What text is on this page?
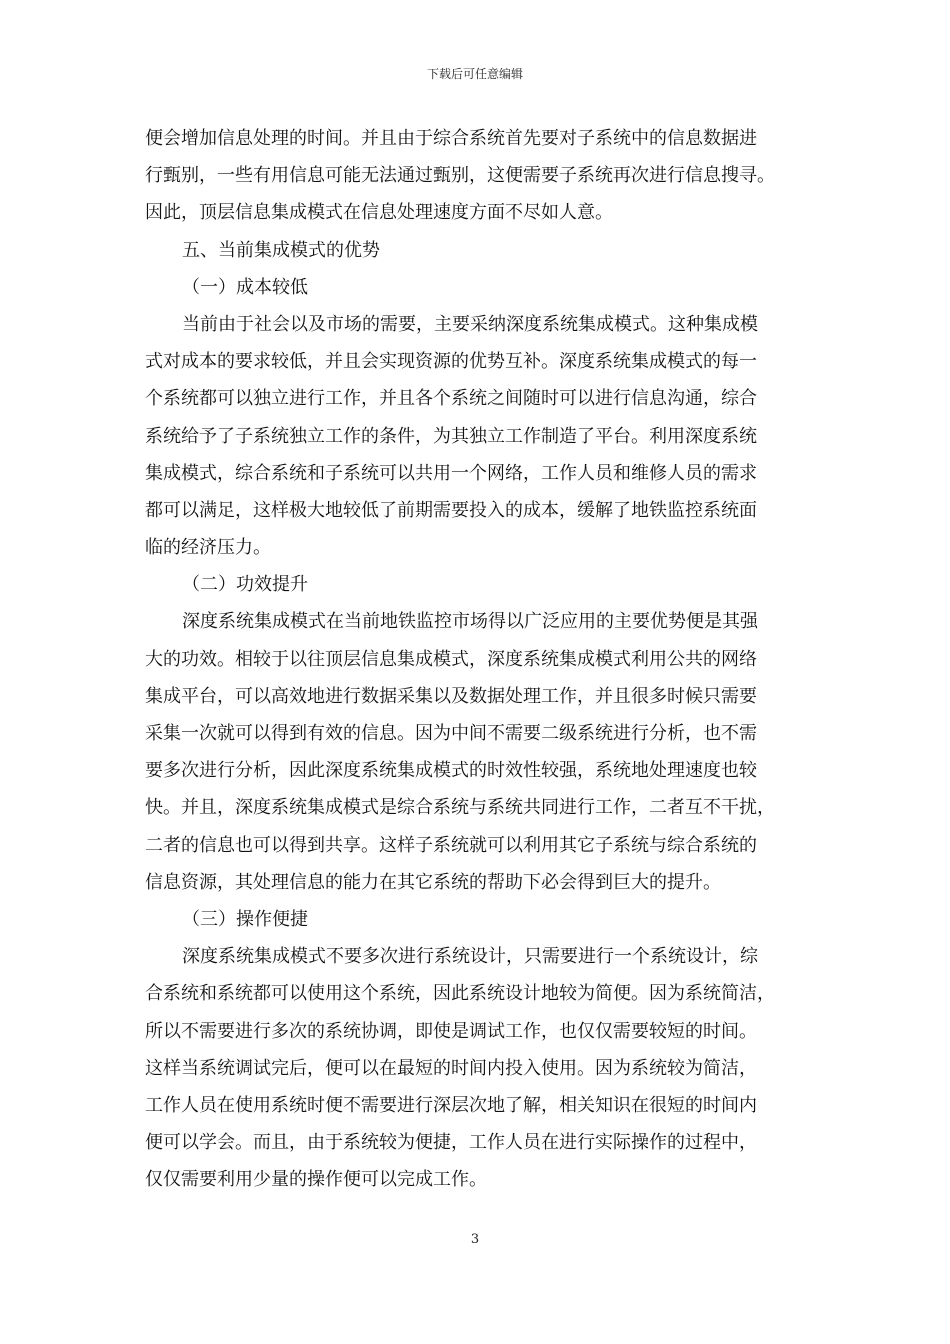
下载后可任意编辑
便会增加信息处理的时间。并且由于综合系统首先要对子系统中的信息数据进
行甄别，一些有用信息可能无法通过甄别，这便需要子系统再次进行信息搜寻。
因此，顶层信息集成模式在信息处理速度方面不尽如人意。
五、当前集成模式的优势
（一）成本较低
当前由于社会以及市场的需要，主要采纳深度系统集成模式。这种集成模
式对成本的要求较低，并且会实现资源的优势互补。深度系统集成模式的每一
个系统都可以独立进行工作，并且各个系统之间随时可以进行信息沟通，综合
系统给予了子系统独立工作的条件，为其独立工作制造了平台。利用深度系统
集成模式，综合系统和子系统可以共用一个网络，工作人员和维修人员的需求
都可以满足，这样极大地较低了前期需要投入的成本，缓解了地铁监控系统面
临的经济压力。
（二）功效提升
深度系统集成模式在当前地铁监控市场得以广泛应用的主要优势便是其强
大的功效。相较于以往顶层信息集成模式，深度系统集成模式利用公共的网络
集成平台，可以高效地进行数据采集以及数据处理工作，并且很多时候只需要
采集一次就可以得到有效的信息。因为中间不需要二级系统进行分析，也不需
要多次进行分析，因此深度系统集成模式的时效性较强，系统地处理速度也较
快。并且，深度系统集成模式是综合系统与系统共同进行工作，二者互不干扰，
二者的信息也可以得到共享。这样子系统就可以利用其它子系统与综合系统的
信息资源，其处理信息的能力在其它系统的帮助下必会得到巨大的提升。
（三）操作便捷
深度系统集成模式不要多次进行系统设计，只需要进行一个系统设计，综
合系统和系统都可以使用这个系统，因此系统设计地较为简便。因为系统简洁，
所以不需要进行多次的系统协调，即使是调试工作，也仅仅需要较短的时间。
这样当系统调试完后，便可以在最短的时间内投入使用。因为系统较为简洁，
工作人员在使用系统时便不需要进行深层次地了解，相关知识在很短的时间内
便可以学会。而且，由于系统较为便捷，工作人员在进行实际操作的过程中，
仅仅需要利用少量的操作便可以完成工作。
3
